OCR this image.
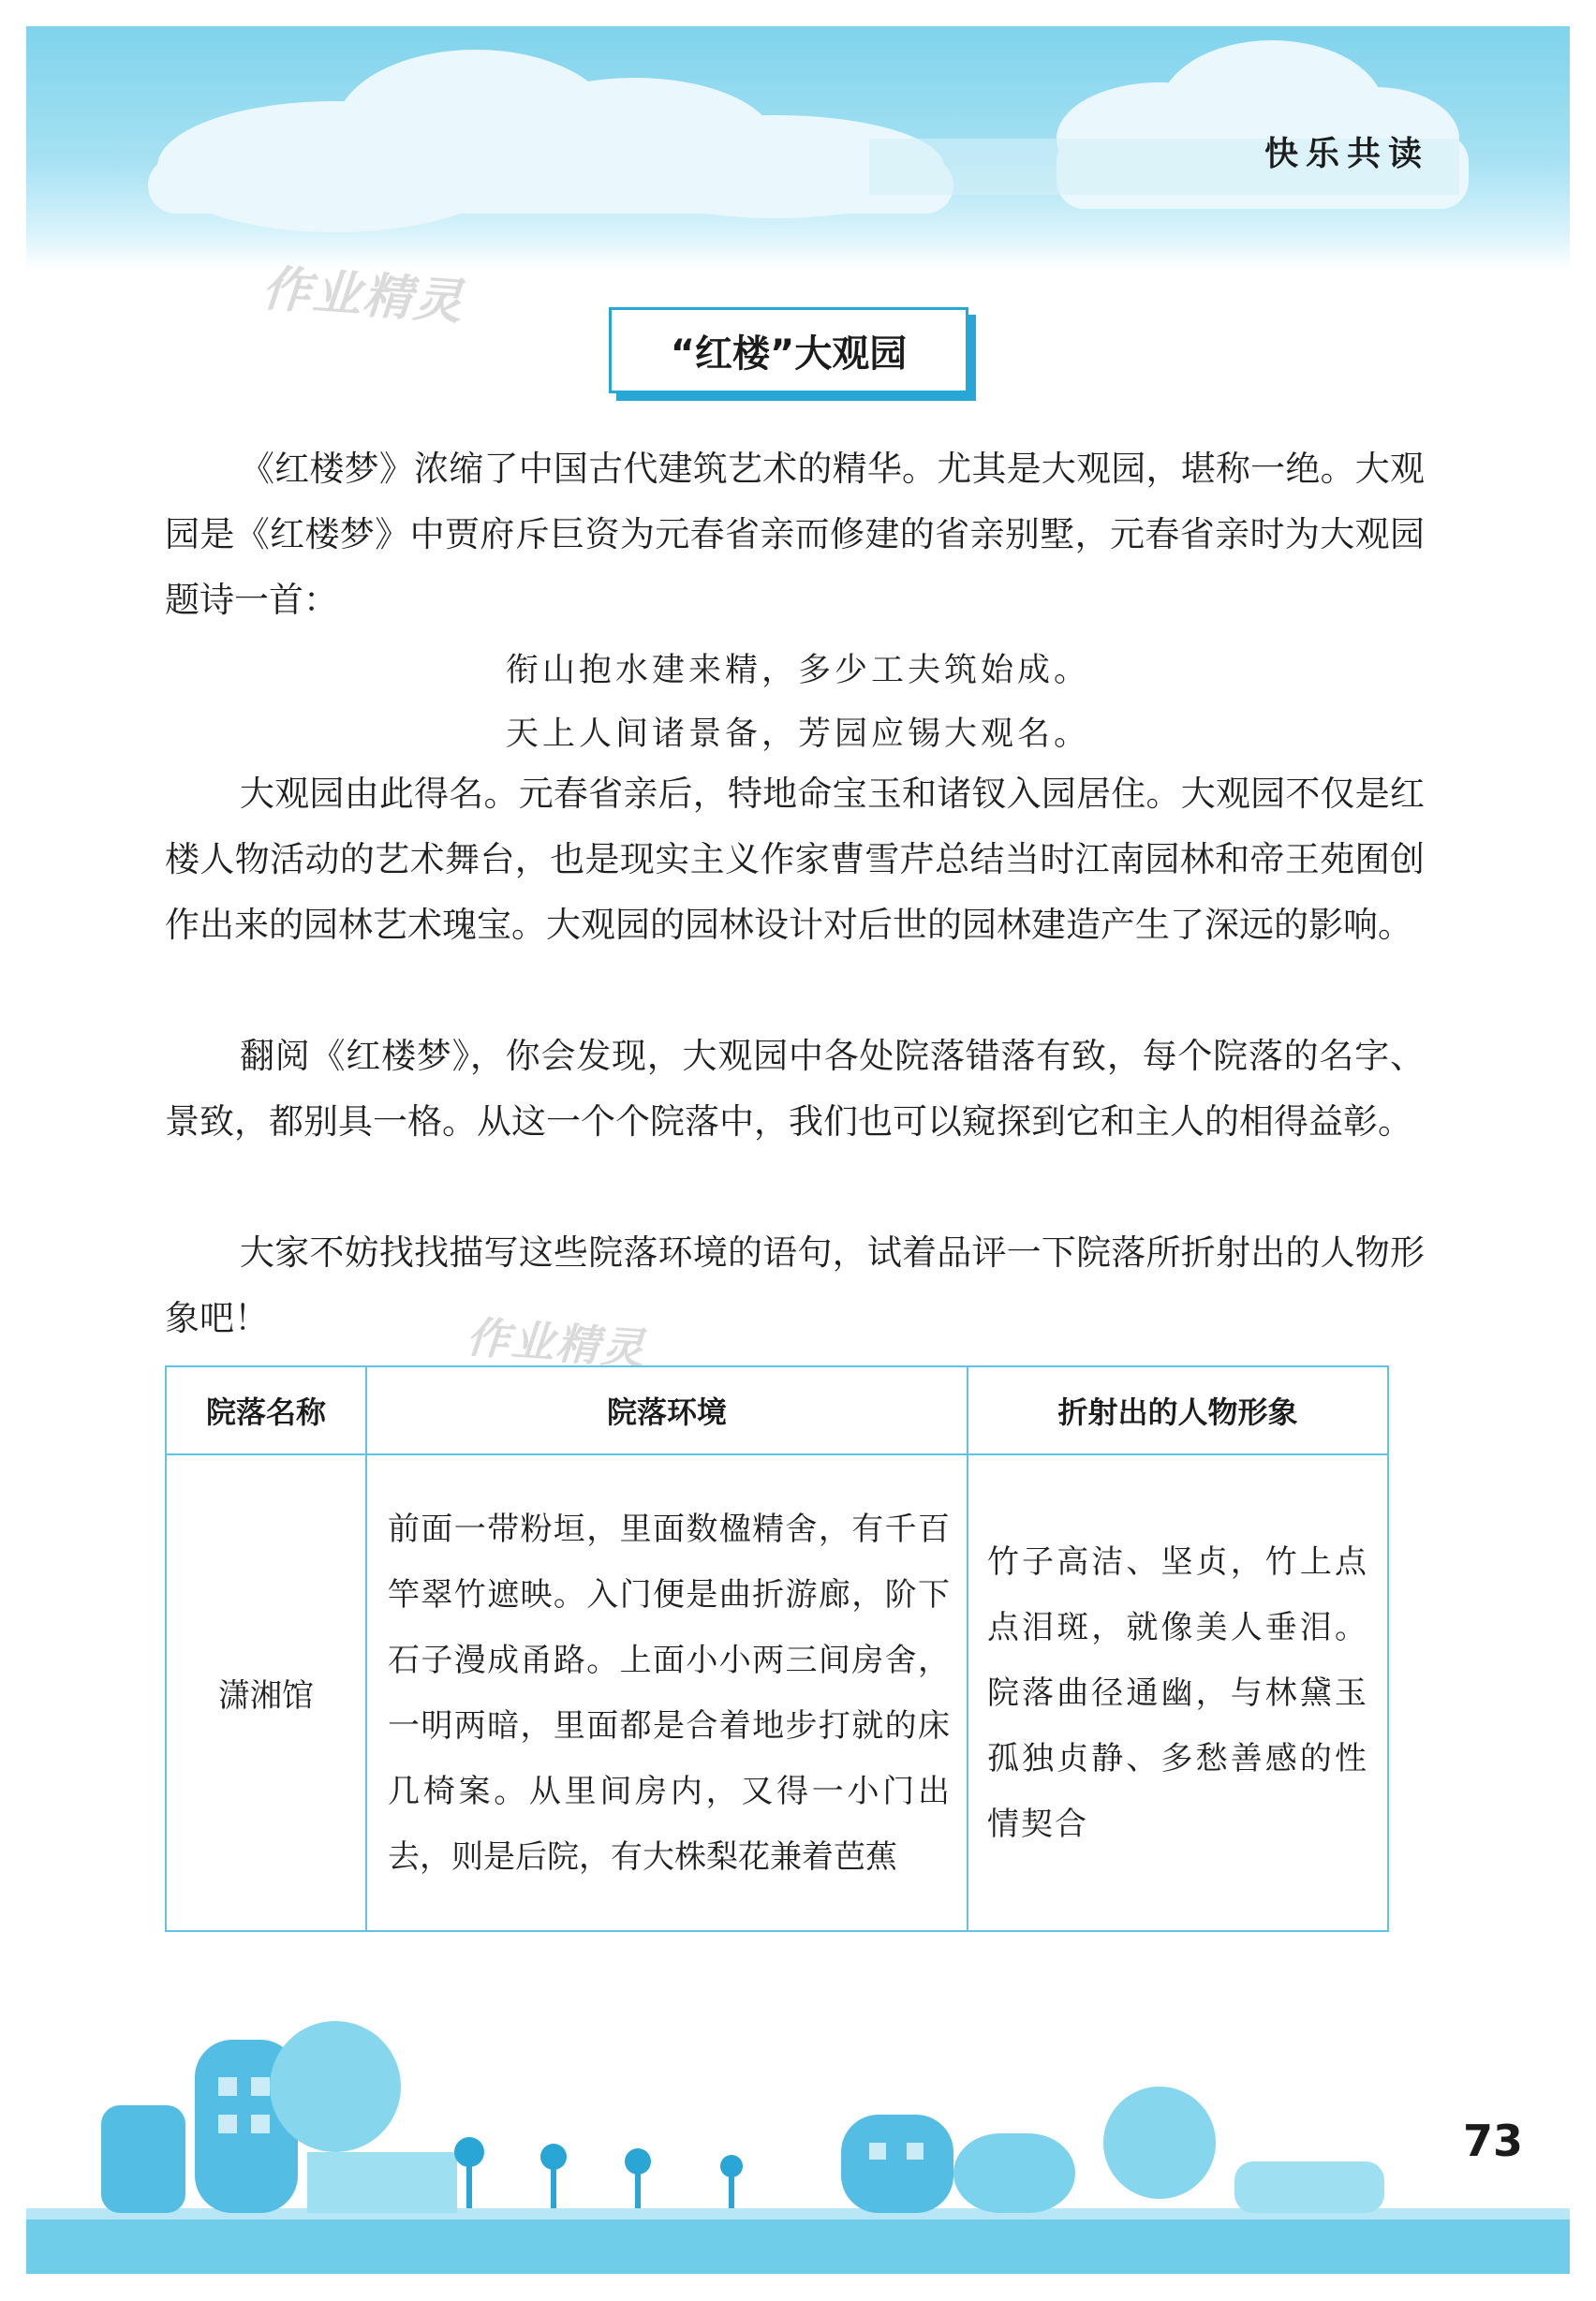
快乐共读
作业精灵
“红楼”大观园

《红楼梦》浓缩了中国古代建筑艺术的精华。尤其是大观园，堪称一绝。大观园是《红楼梦》中贾府斥巨资为元春省亲而修建的省亲别墅，元春省亲时为大观园题诗一首：

衔山抱水建来精，多少工夫筑始成。
天上人间诸景备，芳园应锡大观名。

大观园由此得名。元春省亲后，特地命宝玉和诸钗入园居住。大观园不仅是红楼人物活动的艺术舞台，也是现实主义作家曹雪芹总结当时江南园林和帝王苑囿创作出来的园林艺术瑰宝。大观园的园林设计对后世的园林建造产生了深远的影响。

翻阅《红楼梦》，你会发现，大观园中各处院落错落有致，每个院落的名字、景致，都别具一格。从这一个个院落中，我们也可以窥探到它和主人的相得益彰。

大家不妨找找描写这些院落环境的语句，试着品评一下院落所折射出的人物形象吧！	作业精灵
院落名称	院落环境	折射出的人物形象
潇湘馆	前面一带粉垣，里面数楹精舍，有千百竿翠竹遮映。入门便是曲折游廊，阶下石子漫成甬路。上面小小两三间房舍，一明两暗，里面都是合着地步打就的床几椅案。从里间房内，又得一小门出去，则是后院，有大株梨花兼着芭蕉	竹子高洁、坚贞，竹上点点泪斑，就像美人垂泪。院落曲径通幽，与林黛玉孤独贞静、多愁善感的性情契合
73
